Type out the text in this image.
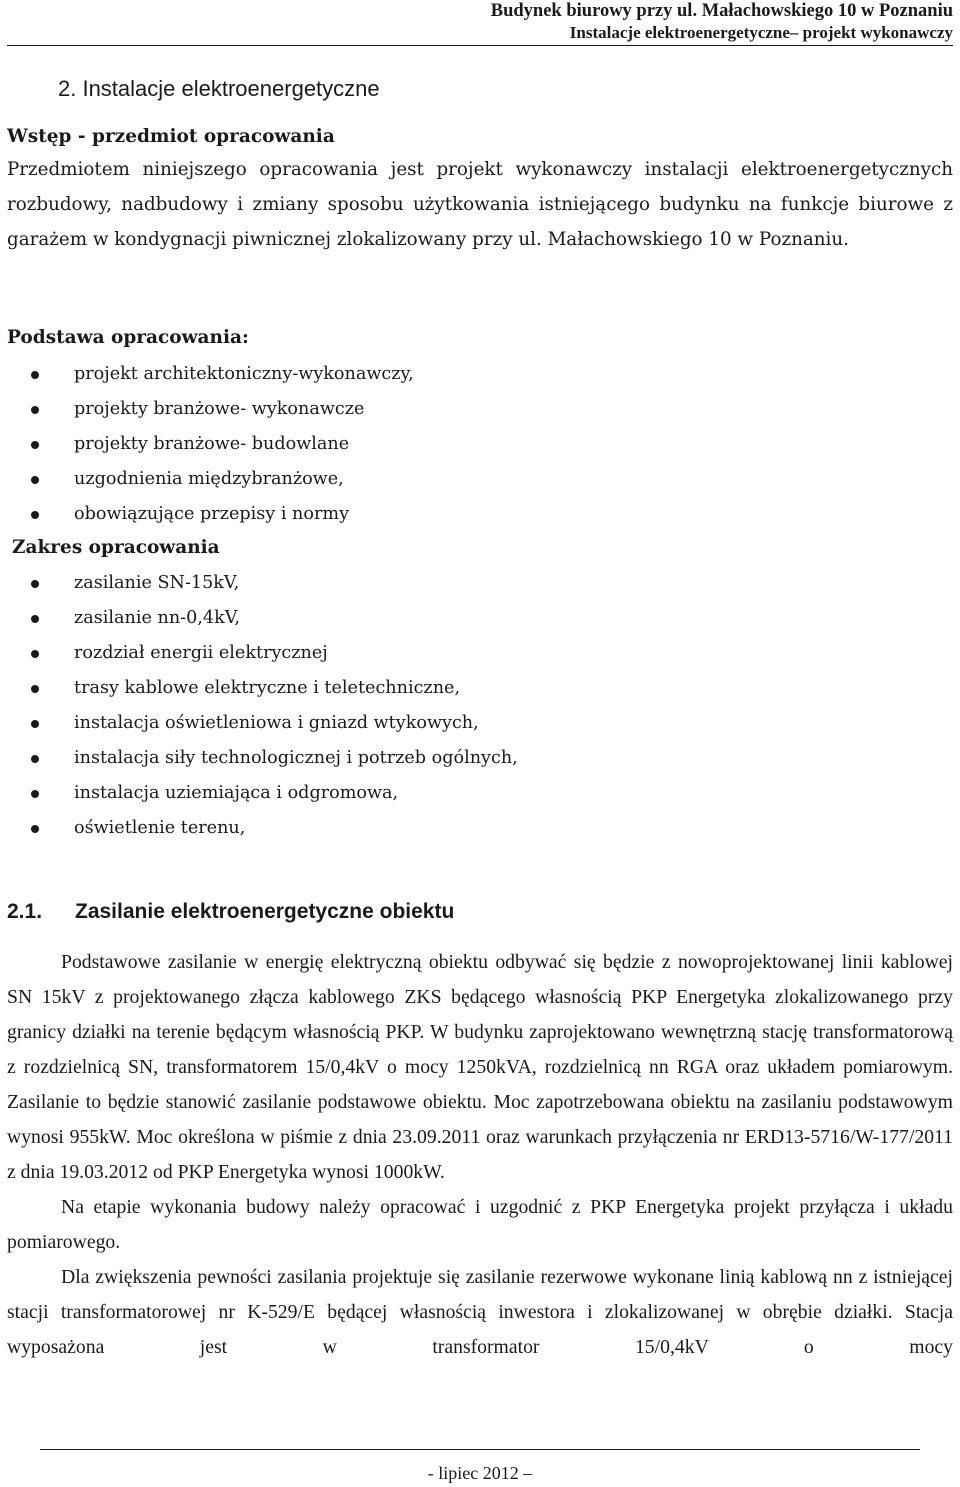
Budynek biurowy przy ul. Małachowskiego 10 w Poznaniu
Instalacje elektroenergetyczne– projekt wykonawczy
2. Instalacje elektroenergetyczne
Wstęp - przedmiot opracowania
Przedmiotem niniejszego opracowania jest projekt wykonawczy instalacji elektroenergetycznych rozbudowy, nadbudowy i zmiany sposobu użytkowania istniejącego budynku na funkcje biurowe z garażem w kondygnacji piwnicznej zlokalizowany przy ul. Małachowskiego 10 w Poznaniu.
Podstawa opracowania:
projekt architektoniczny-wykonawczy,
projekty branżowe- wykonawcze
projekty branżowe- budowlane
uzgodnienia międzybranżowe,
obowiązujące przepisy i normy
Zakres opracowania
zasilanie SN-15kV,
zasilanie nn-0,4kV,
rozdział energii elektrycznej
trasy kablowe elektryczne i teletechniczne,
instalacja oświetleniowa i gniazd wtykowych,
instalacja siły technologicznej i potrzeb ogólnych,
instalacja uziemiająca i odgromowa,
oświetlenie terenu,
2.1. Zasilanie elektroenergetyczne obiektu

Podstawowe zasilanie w energię elektryczną obiektu odbywać się będzie z nowoprojektowanej linii kablowej SN 15kV z projektowanego złącza kablowego ZKS będącego własnością PKP Energetyka zlokalizowanego przy granicy działki na terenie będącym własnością PKP. W budynku zaprojektowano wewnętrzną stację transformatorową z rozdzielnicą SN, transformatorem 15/0,4kV o mocy 1250kVA, rozdzielnicą nn RGA oraz układem pomiarowym. Zasilanie to będzie stanowić zasilanie podstawowe obiektu. Moc zapotrzebowana obiektu na zasilaniu podstawowym wynosi 955kW. Moc określona w piśmie z dnia 23.09.2011 oraz warunkach przyłączenia nr ERD13-5716/W-177/2011 z dnia 19.03.2012 od PKP Energetyka wynosi 1000kW.

Na etapie wykonania budowy należy opracować i uzgodnić z PKP Energetyka projekt przyłącza i układu pomiarowego.

Dla zwiększenia pewności zasilania projektuje się zasilanie rezerwowe wykonane linią kablową nn z istniejącej stacji transformatorowej nr K-529/E będącej własnością inwestora i zlokalizowanej w obrębie działki. Stacja wyposażona jest w transformator 15/0,4kV o mocy

- lipiec 2012 –
